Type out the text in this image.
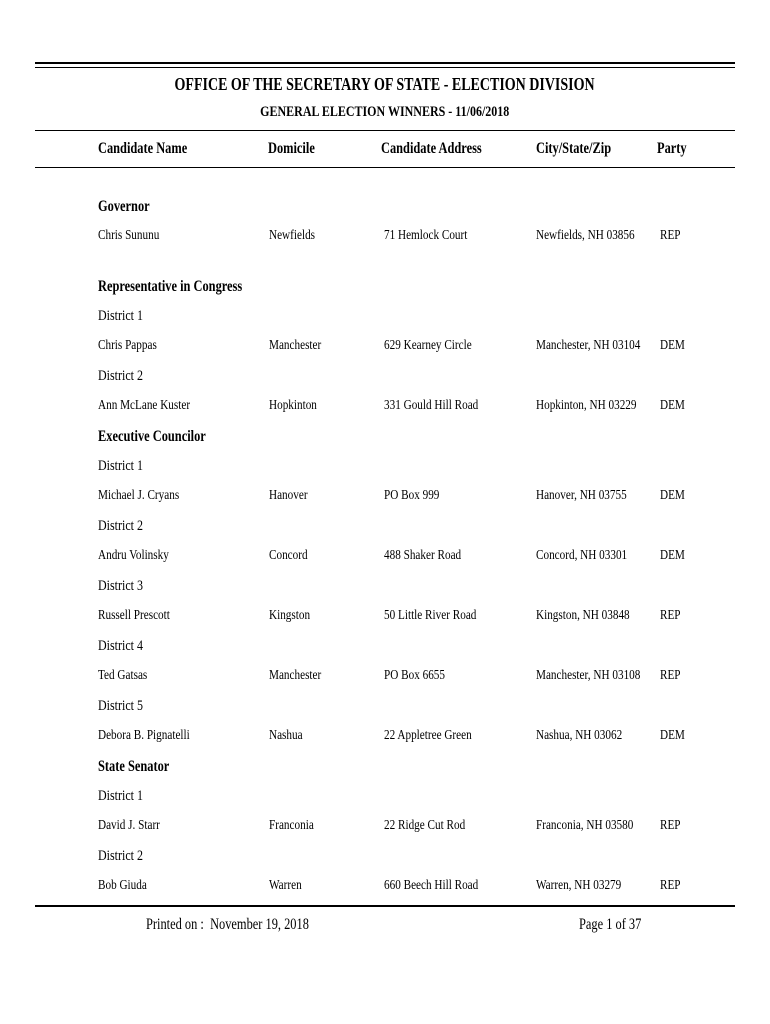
OFFICE OF THE SECRETARY OF STATE - ELECTION DIVISION
GENERAL ELECTION WINNERS - 11/06/2018
Candidate Name	Domicile	Candidate Address	City/State/Zip	Party
Governor
Chris Sununu	Newfields	71 Hemlock Court	Newfields, NH 03856 REP
Representative in Congress
District 1
Chris Pappas	Manchester	629 Kearney Circle	Manchester, NH 03104 DEM
District 2
Ann McLane Kuster	Hopkinton	331 Gould Hill Road	Hopkinton, NH 03229 DEM
Executive Councilor
District 1
Michael J. Cryans	Hanover	PO Box 999	Hanover, NH 03755 DEM
District 2
Andru Volinsky	Concord	488 Shaker Road	Concord, NH 03301 DEM
District 3
Russell Prescott	Kingston	50 Little River Road	Kingston, NH 03848 REP
District 4
Ted Gatsas	Manchester	PO Box 6655	Manchester, NH 03108 REP
District 5
Debora B. Pignatelli	Nashua	22 Appletree Green	Nashua, NH 03062	DEM
State Senator
District 1
David J. Starr	Franconia	22 Ridge Cut Rod	Franconia, NH 03580 REP
District 2
Bob Giuda	Warren	660 Beech Hill Road	Warren, NH 03279	REP
Printed on :  November 19, 2018	Page 1 of 37
